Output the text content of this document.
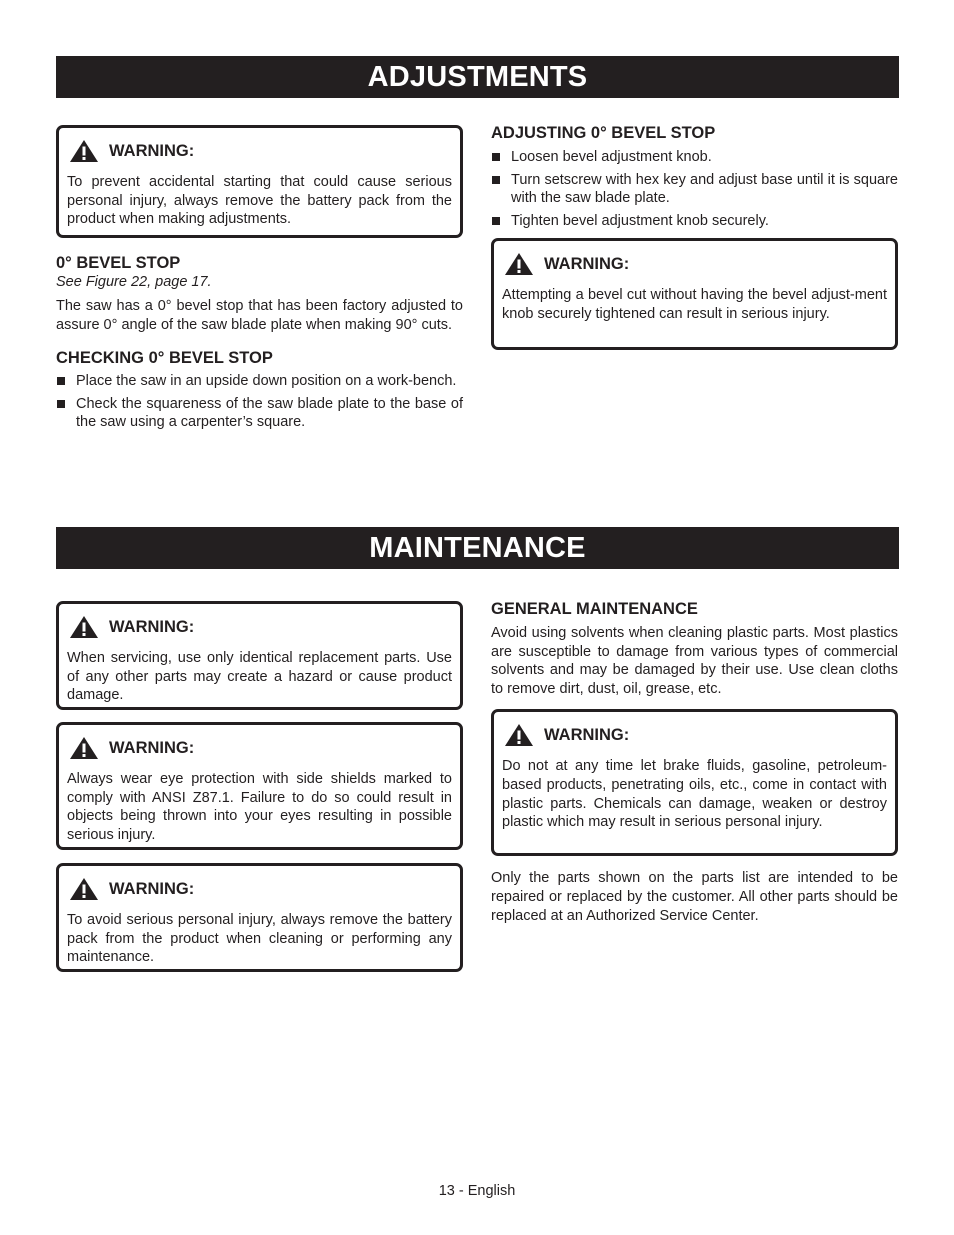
ADJUSTMENTS
WARNING:
To prevent accidental starting that could cause serious personal injury, always remove the battery pack from the product when making adjustments.
0° BEVEL STOP
See Figure 22, page 17.

The saw has a 0° bevel stop that has been factory adjusted to assure 0° angle of the saw blade plate when making 90° cuts.

CHECKING 0° BEVEL STOP
Place the saw in an upside down position on a work-bench.
Check the squareness of the saw blade plate to the base of the saw using a carpenter’s square.
ADJUSTING 0° BEVEL STOP
Loosen bevel adjustment knob.
Turn setscrew with hex key and adjust base until it is square with the saw blade plate.
Tighten bevel adjustment knob securely.
WARNING:
Attempting a bevel cut without having the bevel adjust-ment knob securely tightened can result in serious injury.
MAINTENANCE
WARNING:
When servicing, use only identical replacement parts. Use of any other parts may create a hazard or cause product damage.
WARNING:
Always wear eye protection with side shields marked to comply with ANSI Z87.1. Failure to do so could result in objects being thrown into your eyes resulting in possible serious injury.
WARNING:
To avoid serious personal injury, always remove the battery pack from the product when cleaning or performing any maintenance.
GENERAL MAINTENANCE

Avoid using solvents when cleaning plastic parts. Most plastics are susceptible to damage from various types of commercial solvents and may be damaged by their use. Use clean cloths to remove dirt, dust, oil, grease, etc.

WARNING:
Do not at any time let brake fluids, gasoline, petroleum-based products, penetrating oils, etc., come in contact with plastic parts. Chemicals can damage, weaken or destroy plastic which may result in serious personal injury.

Only the parts shown on the parts list are intended to be repaired or replaced by the customer. All other parts should be replaced at an Authorized Service Center.

13 - English
